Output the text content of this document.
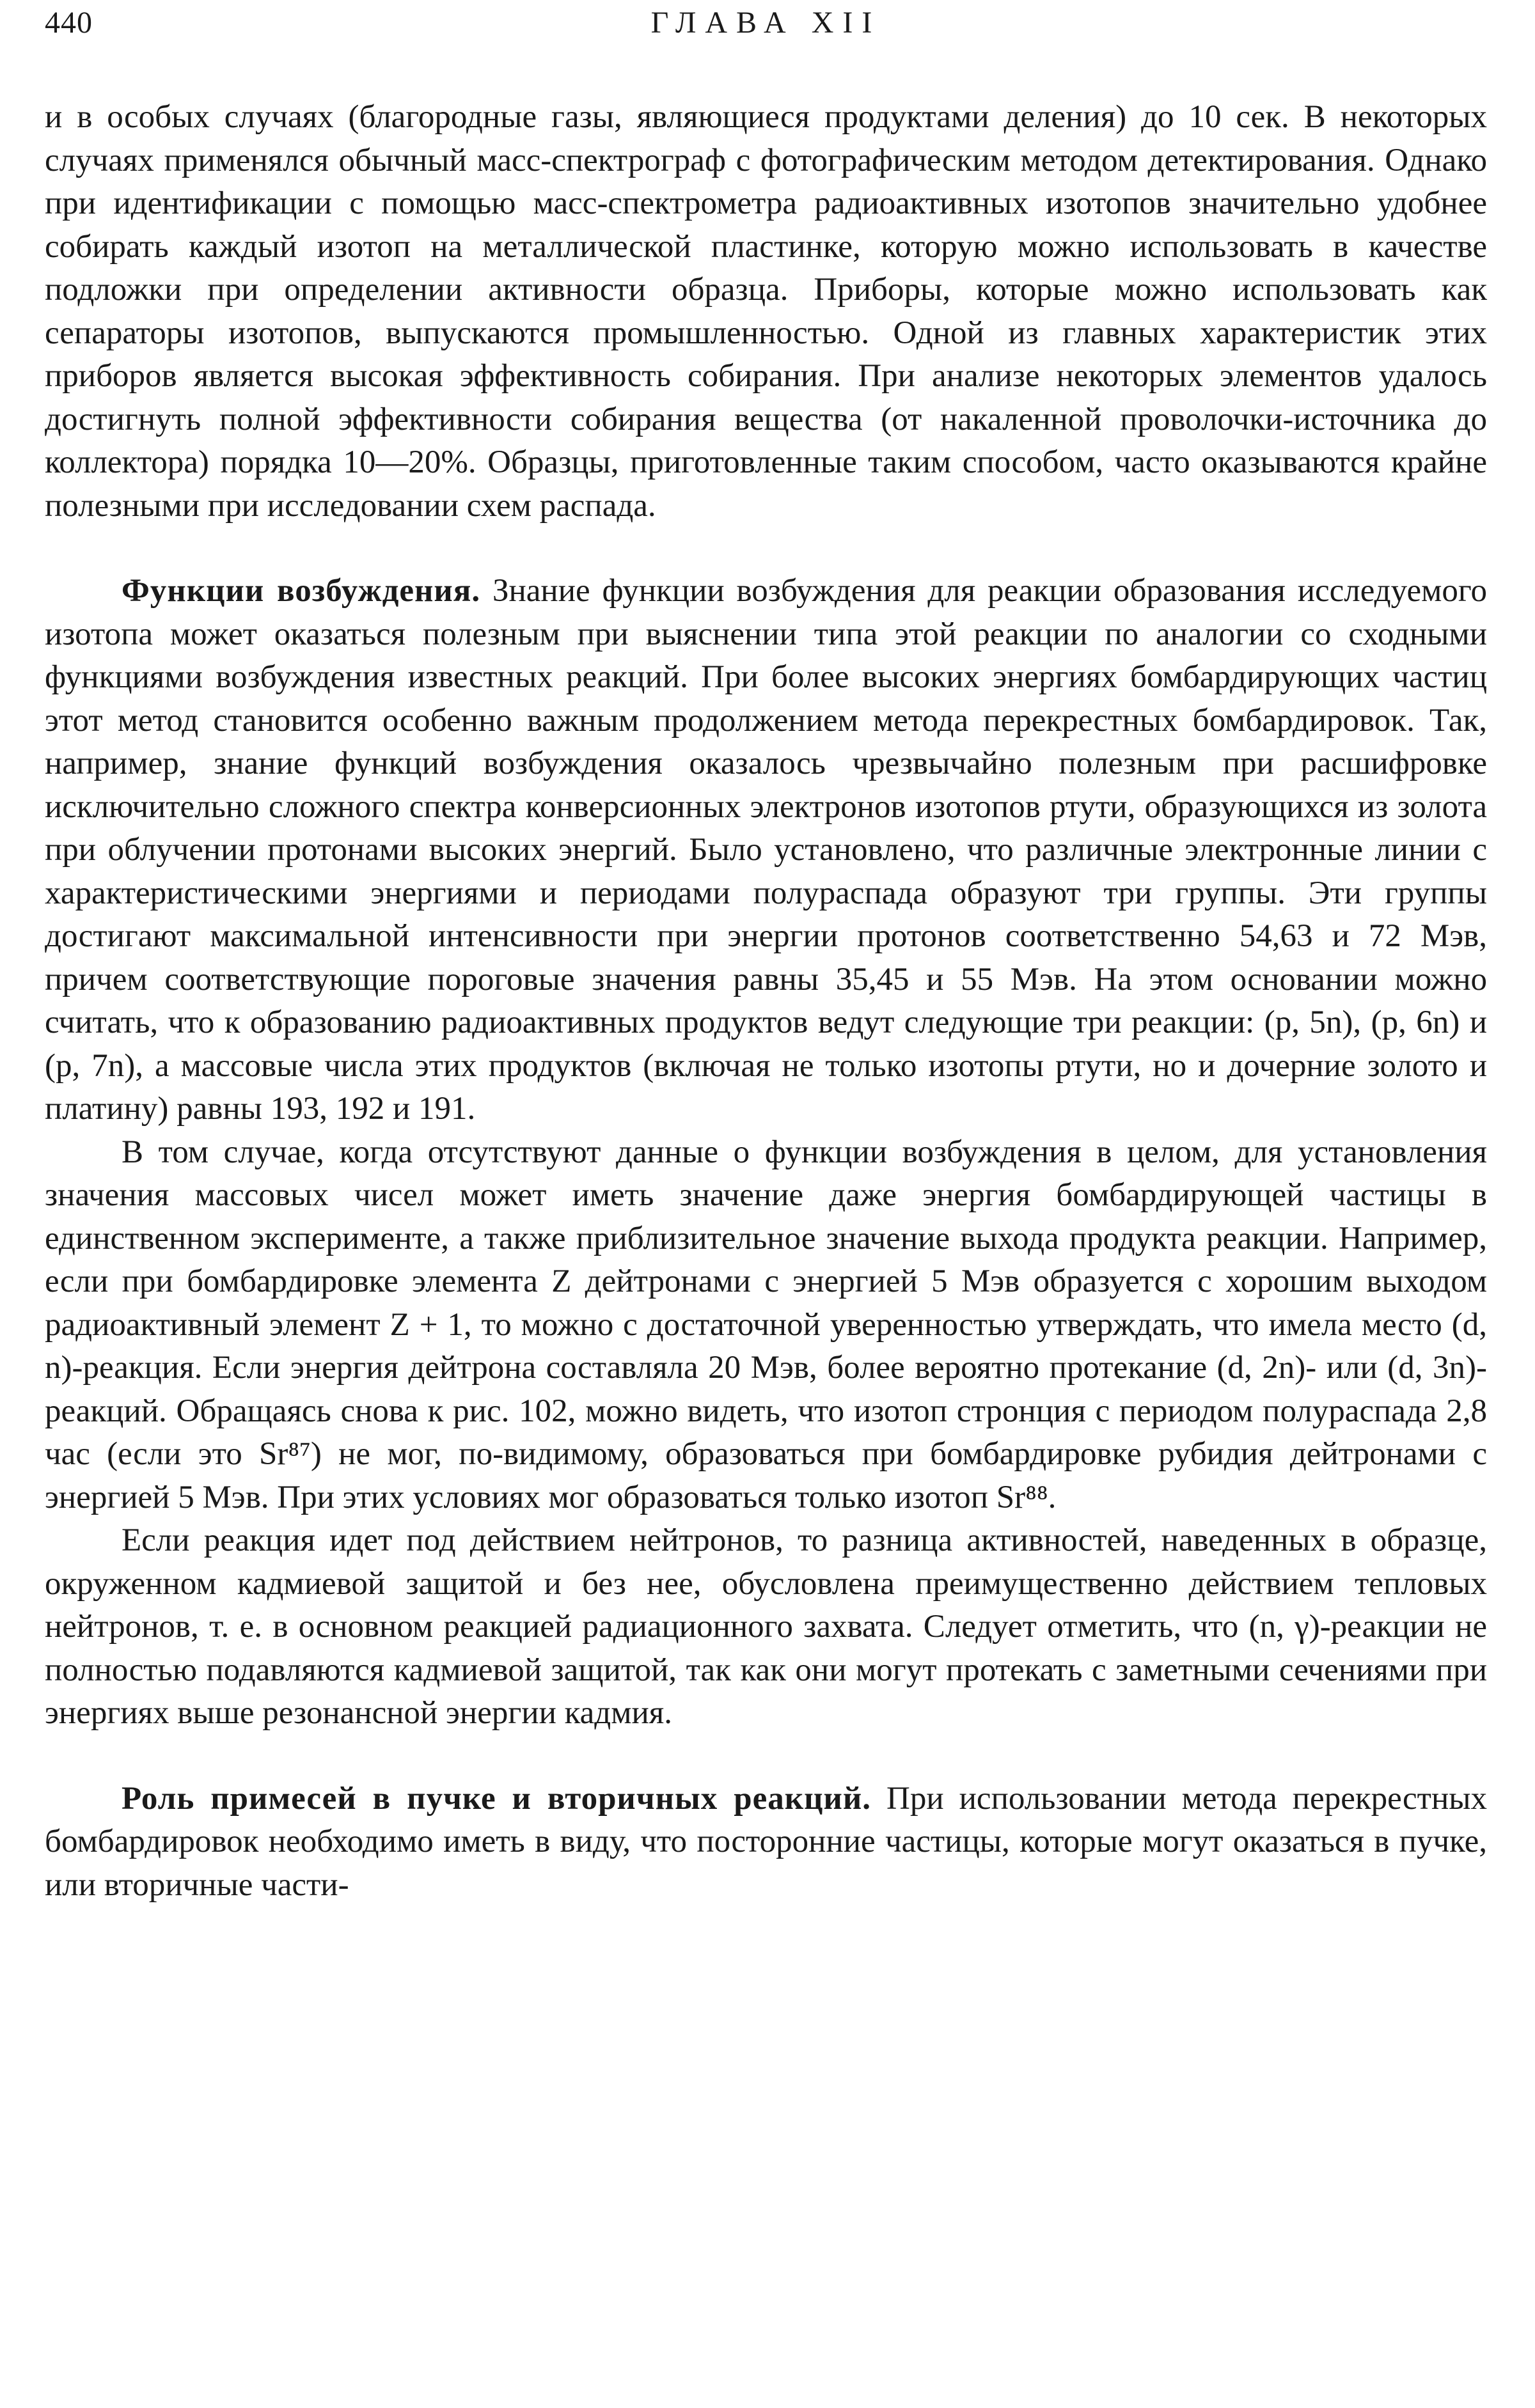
440	ГЛАВА XII

и в особых случаях (благородные газы, являющиеся продуктами деления) до 10 сек. В некоторых случаях применялся обычный масс-спектрограф с фотографическим методом детектирования. Однако при идентификации с помощью масс-спектрометра радиоактивных изотопов значительно удобнее собирать каждый изотоп на металлической пластинке, которую можно использовать в качестве подложки при определении активности образца. Приборы, которые можно использовать как сепараторы изотопов, выпускаются промышленностью. Одной из главных характеристик этих приборов является высокая эффективность собирания. При анализе некоторых элементов удалось достигнуть полной эффективности собирания вещества (от накаленной проволочки-источника до коллектора) порядка 10—20%. Образцы, приготовленные таким способом, часто оказываются крайне полезными при исследовании схем распада.

Функции возбуждения. Знание функции возбуждения для реакции образования исследуемого изотопа может оказаться полезным при выяснении типа этой реакции по аналогии со сходными функциями возбуждения известных реакций. При более высоких энергиях бомбардирующих частиц этот метод становится особенно важным продолжением метода перекрестных бомбардировок. Так, например, знание функций возбуждения оказалось чрезвычайно полезным при расшифровке исключительно сложного спектра конверсионных электронов изотопов ртути, образующихся из золота при облучении протонами высоких энергий. Было установлено, что различные электронные линии с характеристическими энергиями и периодами полураспада образуют три группы. Эти группы достигают максимальной интенсивности при энергии протонов соответственно 54,63 и 72 Мэв, причем соответствующие пороговые значения равны 35,45 и 55 Мэв. На этом основании можно считать, что к образованию радиоактивных продуктов ведут следующие три реакции: (p, 5n), (p, 6n) и (p, 7n), а массовые числа этих продуктов (включая не только изотопы ртути, но и дочерние золото и платину) равны 193, 192 и 191.

В том случае, когда отсутствуют данные о функции возбуждения в целом, для установления значения массовых чисел может иметь значение даже энергия бомбардирующей частицы в единственном эксперименте, а также приблизительное значение выхода продукта реакции. Например, если при бомбардировке элемента Z дейтронами с энергией 5 Мэв образуется с хорошим выходом радиоактивный элемент Z + 1, то можно с достаточной уверенностью утверждать, что имела место (d, n)-реакция. Если энергия дейтрона составляла 20 Мэв, более вероятно протекание (d, 2n)- или (d, 3n)-реакций. Обращаясь снова к рис. 102, можно видеть, что изотоп стронция с периодом полураспада 2,8 час (если это Sr⁸⁷) не мог, по-видимому, образоваться при бомбардировке рубидия дейтронами с энергией 5 Мэв. При этих условиях мог образоваться только изотоп Sr⁸⁸.

Если реакция идет под действием нейтронов, то разница активностей, наведенных в образце, окруженном кадмиевой защитой и без нее, обусловлена преимущественно действием тепловых нейтронов, т. е. в основном реакцией радиационного захвата. Следует отметить, что (n, γ)-реакции не полностью подавляются кадмиевой защитой, так как они могут протекать с заметными сечениями при энергиях выше резонансной энергии кадмия.

Роль примесей в пучке и вторичных реакций. При использовании метода перекрестных бомбардировок необходимо иметь в виду, что посторонние частицы, которые могут оказаться в пучке, или вторичные части-
